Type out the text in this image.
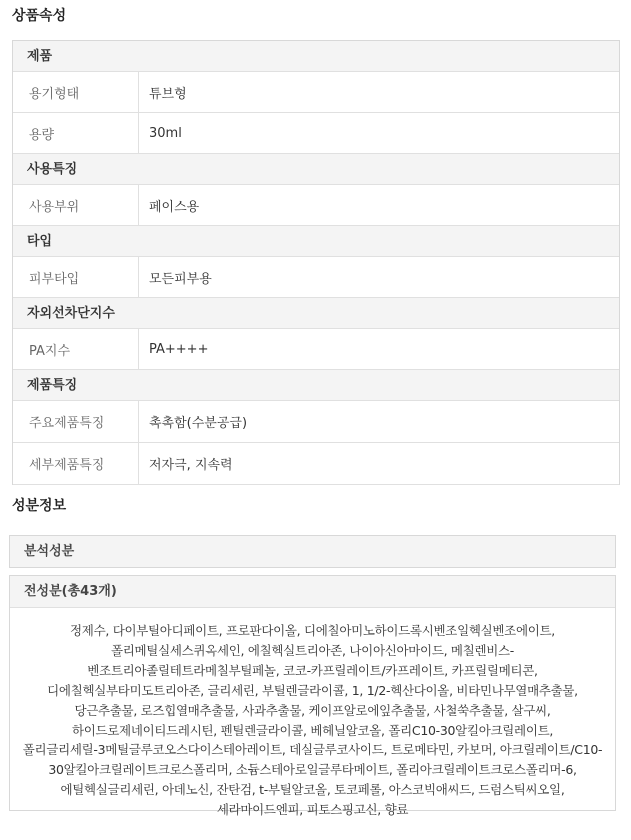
상품속성
제품
용기형태	튜브형
용량	30ml
사용특징
사용부위	페이스용
타입
피부타입	모든피부용
자외선차단지수
PA지수	PA++++
제품특징
주요제품특징	촉촉함(수분공급)
세부제품특징	저자극, 지속력
성분정보
분석성분
전성분(총43개)
정제수, 다이부틸아디페이트, 프로판다이올, 디에칠아미노하이드록시벤조일헥실벤조에이트, 폴리메틸실세스퀴옥세인, 에칠헥실트리아존, 나이아신아마이드, 메칠렌비스-벤조트리아졸릴테트라메칠부틸페놀, 코코-카프릴레이트/카프레이트, 카프릴릴메티콘, 디에칠헥실부타미도트리아존, 글리세린, 부틸렌글라이콜, 1, 1/2-헥산다이올, 비타민나무열매추출물, 당근추출물, 로즈힙열매추출물, 사과추출물, 케이프알로에잎추출물, 사철쑥추출물, 살구씨, 하이드로제네이티드레시틴, 펜틸렌글라이콜, 베헤닐알코올, 폴리C10-30알킬아크릴레이트, 폴리글리세릴-3메틸글루코오스다이스테아레이트, 데실글루코사이드, 트로메타민, 카보머, 아크릴레이트/C10-30알킬아크릴레이트크로스폴리머, 소듐스테아로일글루타메이트, 폴리아크릴레이트크로스폴리머-6, 에틸헥실글리세린, 아데노신, 잔탄검, t-부틸알코올, 토코페롤, 아스코빅애씨드, 드럼스틱씨오일, 세라마이드엔피, 피토스핑고신, 향료
